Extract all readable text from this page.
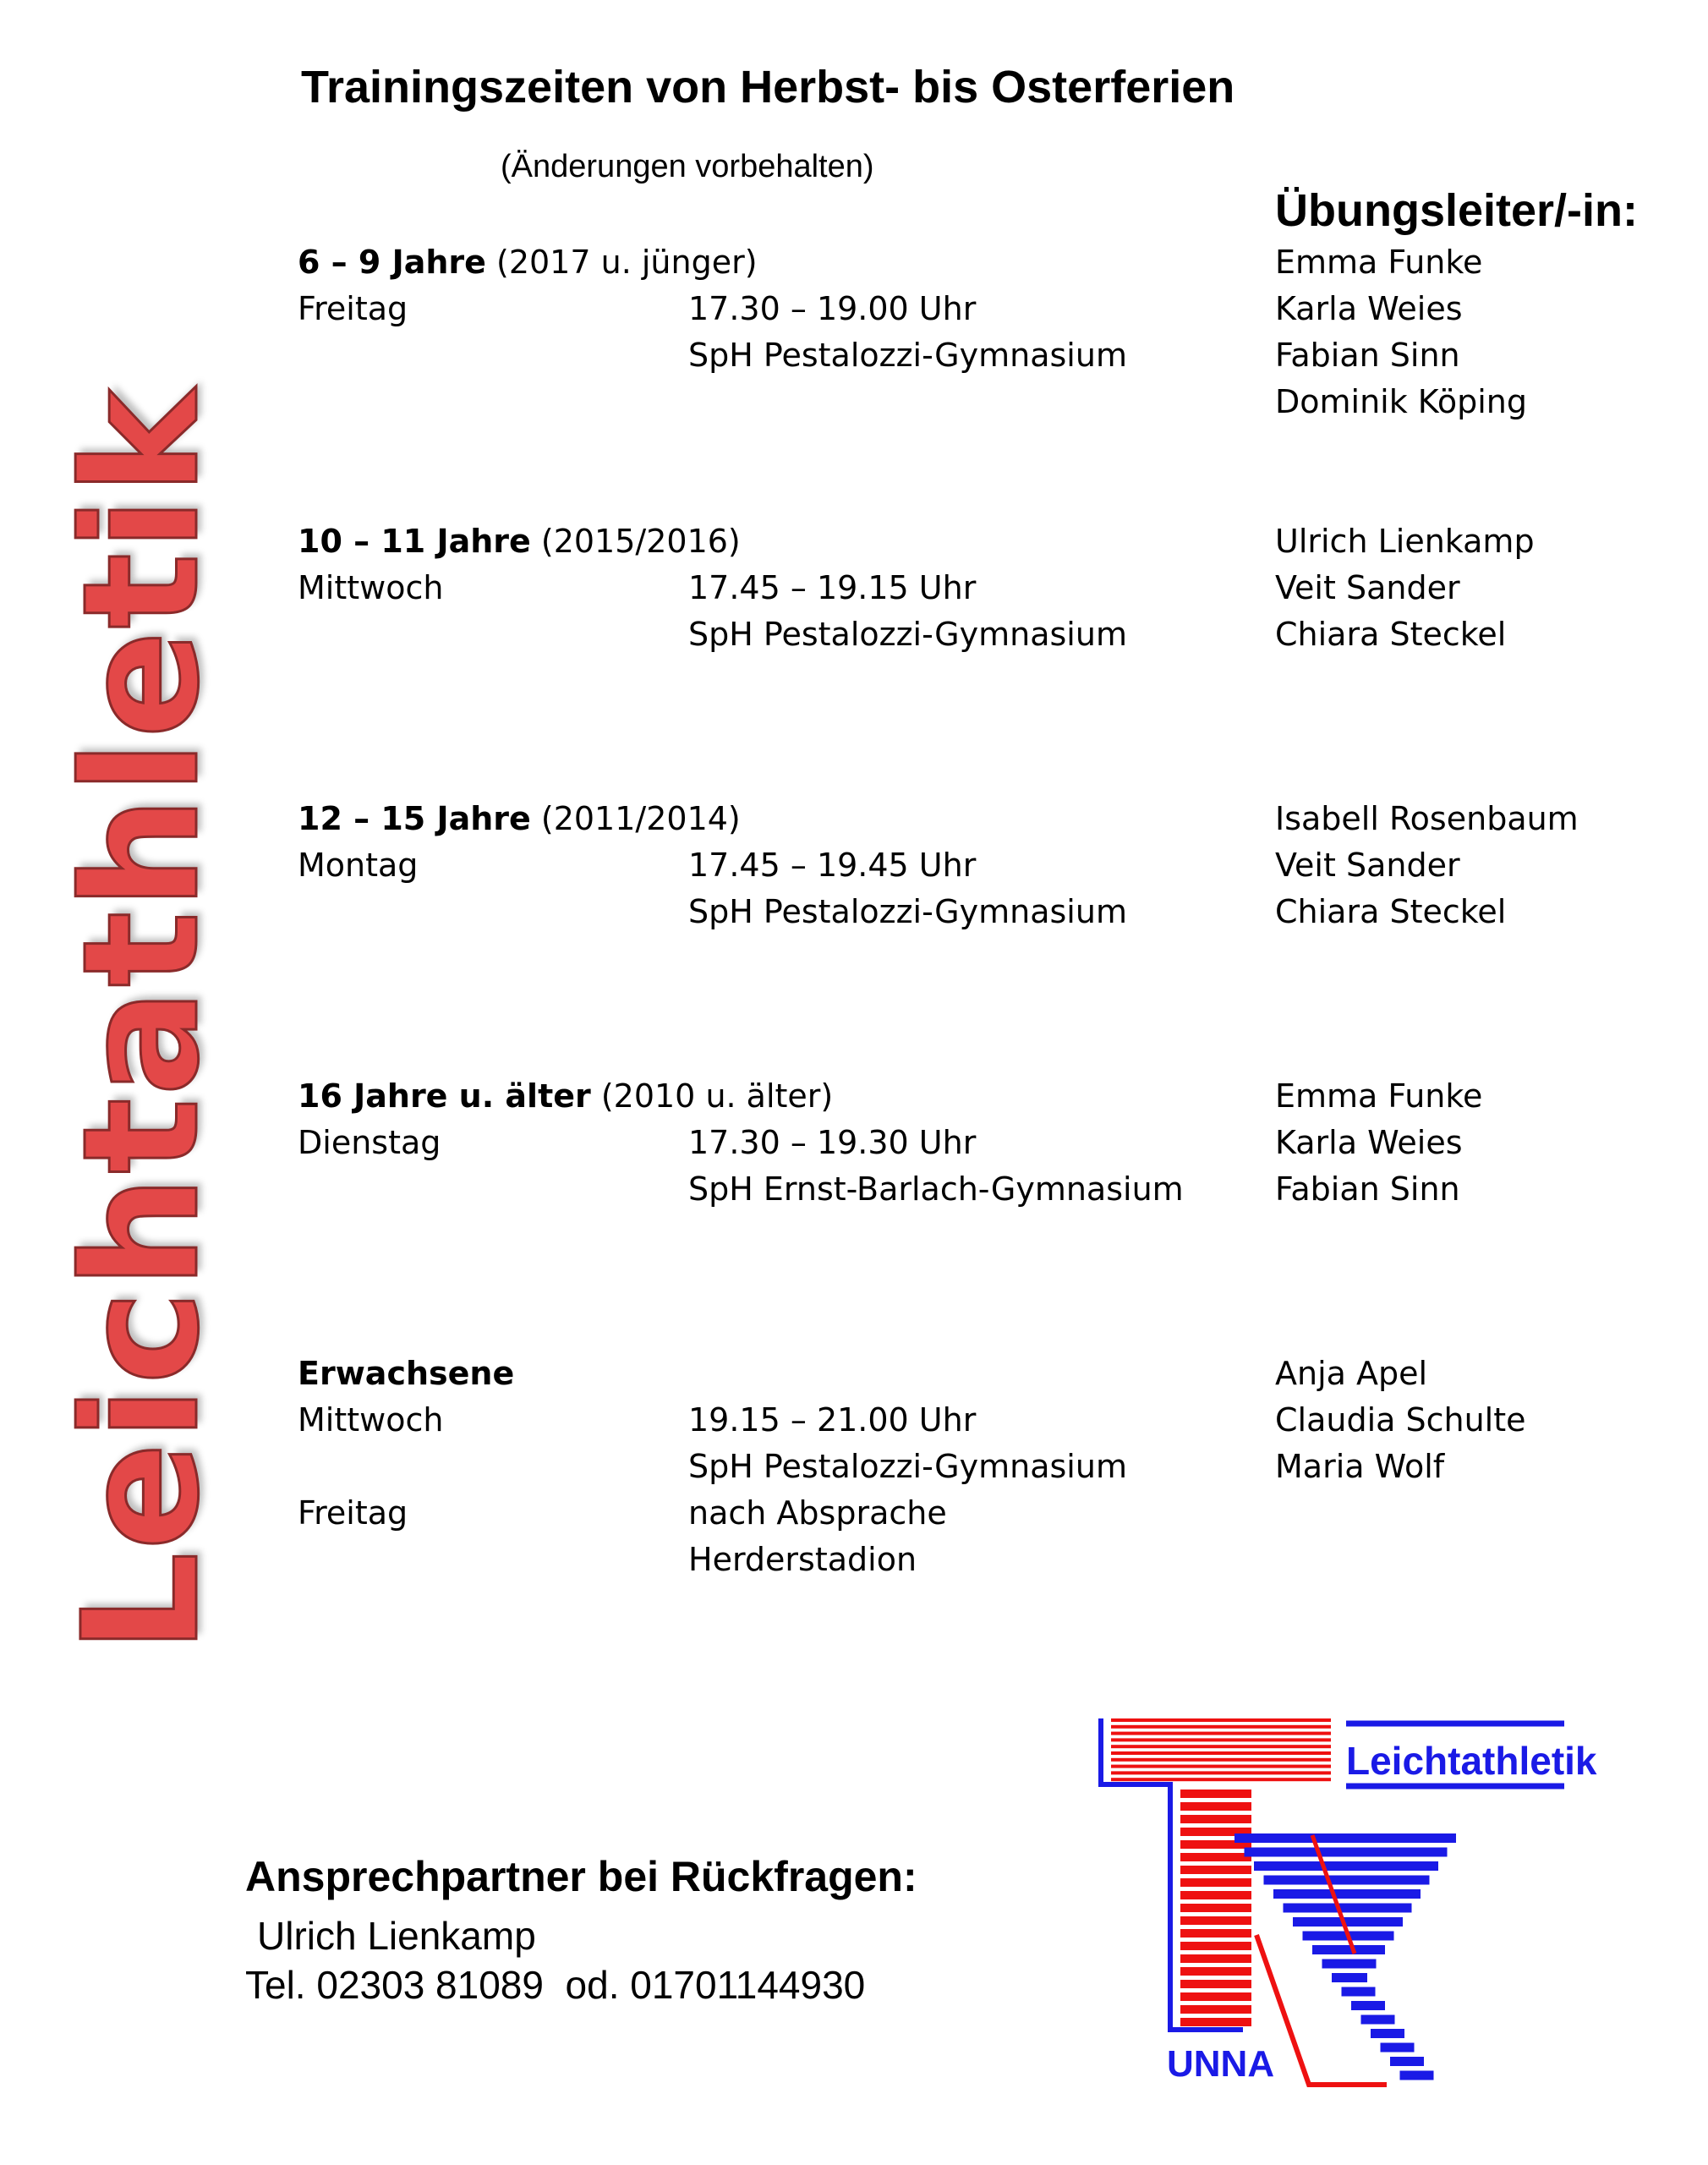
Trainingszeiten von Herbst- bis Osterferien
(Änderungen vorbehalten)
Übungsleiter/-in:
Leichtathletik
6 – 9 Jahre (2017 u. jünger)
Freitag	17.30 – 19.00 Uhr
SpH Pestalozzi-Gymnasium
Emma Funke
Karla Weies
Fabian Sinn
Dominik Köping
10 – 11 Jahre (2015/2016)
Mittwoch	17.45 – 19.15 Uhr
SpH Pestalozzi-Gymnasium
Ulrich Lienkamp
Veit Sander
Chiara Steckel
12 – 15 Jahre (2011/2014)
Montag	17.45 – 19.45 Uhr
SpH Pestalozzi-Gymnasium
Isabell Rosenbaum
Veit Sander
Chiara Steckel
16 Jahre u. älter (2010 u. älter)
Dienstag	17.30 – 19.30 Uhr
SpH Ernst-Barlach-Gymnasium
Emma Funke
Karla Weies
Fabian Sinn
Erwachsene
Mittwoch	19.15 – 21.00 Uhr
SpH Pestalozzi-Gymnasium
Freitag	nach Absprache
Herderstadion
Anja Apel
Claudia Schulte
Maria Wolf
Ansprechpartner bei Rückfragen:
Ulrich Lienkamp
Tel. 02303 81089  od. 01701144930
Leichtathletik
UNNA
